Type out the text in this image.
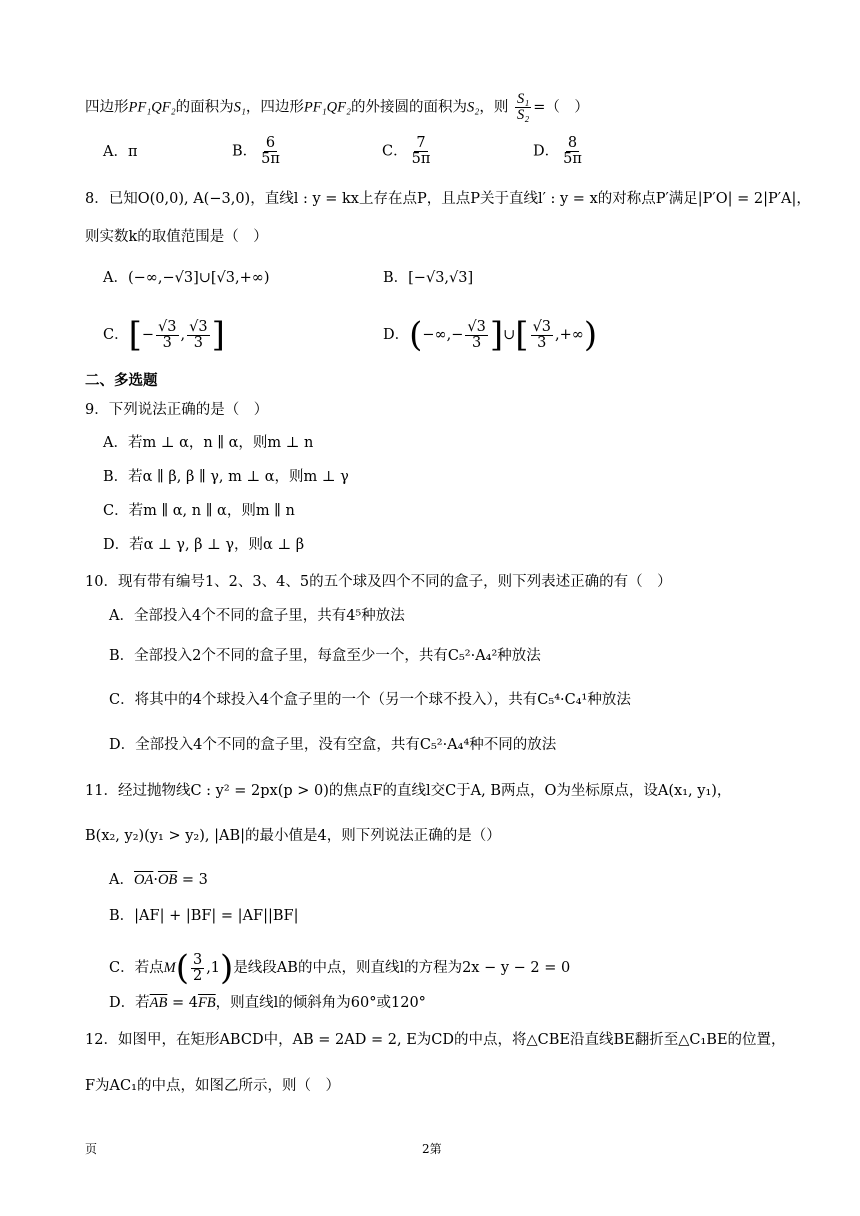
四边形PF₁QF₂的面积为S₁，四边形PF₁QF₂的外接圆的面积为S₂，则 $\frac{\text{S₁}}{\text{S₂}}$ =（　）
A．π	B． $\frac{6}{5\pi}$	C． $\frac{7}{5\pi}$	D． $\frac{8}{5\pi}$
8．已知O(0,0), A(−3,0)，直线l : y = kx上存在点P，且点P关于直线l′ : y = x的对称点P′满足|P′O| = 2|P′A|，
则实数k的取值范围是（　）
A．(−∞,−√3]∪[√3,+∞)	B．[−√3,√3]
C．[− $\frac{√3}{3}$ , $\frac{√3}{3}$ ]	D．(−∞,− $\frac{√3}{3}$ ]∪[ $\frac{√3}{3}$ ,+∞)
二、多选题
9．下列说法正确的是（　）
A．若m ⊥ α，n ∥ α，则m ⊥ n
B．若α ∥ β, β ∥ γ, m ⊥ α，则m ⊥ γ
C．若m ∥ α, n ∥ α，则m ∥ n
D．若α ⊥ γ, β ⊥ γ，则α ⊥ β
10．现有带有编号1、2、3、4、5的五个球及四个不同的盒子，则下列表述正确的有（　）
A．全部投入4个不同的盒子里，共有4⁵种放法
B．全部投入2个不同的盒子里，每盒至少一个，共有C₅²·A₄²种放法
C．将其中的4个球投入4个盒子里的一个（另一个球不投入），共有C₅⁴·C₄¹种放法
D．全部投入4个不同的盒子里，没有空盒，共有C₅²·A₄⁴种不同的放法
11．经过抛物线C : y² = 2px(p > 0)的焦点F的直线l交C于A, B两点，O为坐标原点，设A(x₁, y₁)，
B(x₂, y₂)(y₁ > y₂), |AB|的最小值是4，则下列说法正确的是（）
A．$\overline{OA}\cdot\overline{OB} = 3$
B．|AF| + |BF| = |AF||BF|
C．若点$M( \frac{3}{2} ,1)$是线段AB的中点，则直线l的方程为2x − y − 2 = 0
D．若$\overline{AB} = 4\overline{FB}$，则直线l的倾斜角为60°或120°
12．如图甲，在矩形ABCD中，AB = 2AD = 2, E为CD的中点，将△CBE沿直线BE翻折至△C₁BE的位置，
F为AC₁的中点，如图乙所示，则（　）
页	2第
